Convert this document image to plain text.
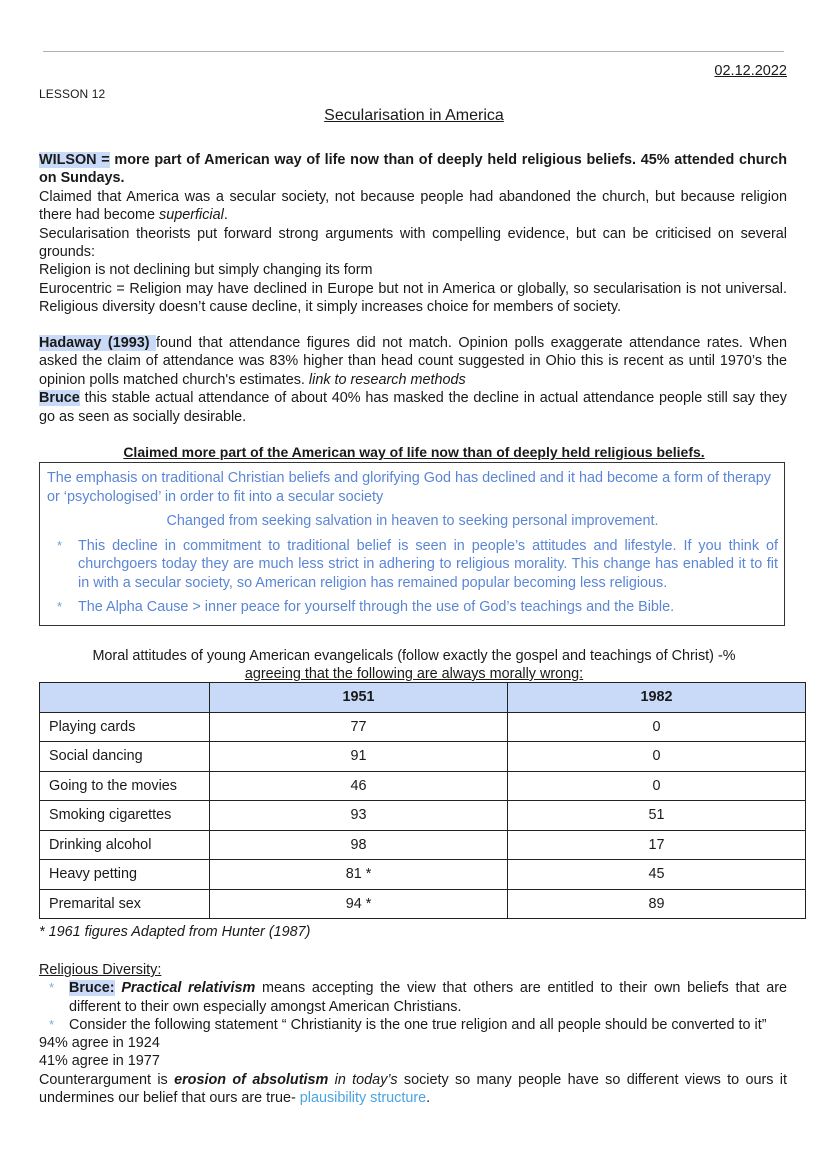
02.12.2022
LESSON 12
Secularisation in America
WILSON = more part of American way of life now than of deeply held religious beliefs. 45% attended church on Sundays.
Claimed that America was a secular society, not because people had abandoned the church, but because religion there had become superficial.
Secularisation theorists put forward strong arguments with compelling evidence, but can be criticised on several grounds:
Religion is not declining but simply changing its form
Eurocentric = Religion may have declined in Europe but not in America or globally, so secularisation is not universal. Religious diversity doesn’t cause decline, it simply increases choice for members of society.
Hadaway (1993) found that attendance figures did not match. Opinion polls exaggerate attendance rates. When asked the claim of attendance was 83% higher than head count suggested in Ohio this is recent as until 1970’s the opinion polls matched church's estimates. link to research methods
Bruce this stable actual attendance of about 40% has masked the decline in actual attendance people still say they go as seen as socially desirable.
Claimed more part of the American way of life now than of deeply held religious beliefs.

The emphasis on traditional Christian beliefs and glorifying God has declined and it had become a form of therapy or ‘psychologised’ in order to fit into a secular society

Changed from seeking salvation in heaven to seeking personal improvement.

* This decline in commitment to traditional belief is seen in people’s attitudes and lifestyle. If you think of churchgoers today they are much less strict in adhering to religious morality. This change has enabled it to fit in with a secular society, so American religion has remained popular becoming less religious.
* The Alpha Cause > inner peace for yourself through the use of God’s teachings and the Bible.
Moral attitudes of young American evangelicals (follow exactly the gospel and teachings of Christ) -%
agreeing that the following are always morally wrong:
	1951	1982
Playing cards	77	0
Social dancing	91	0
Going to the movies	46	0
Smoking cigarettes	93	51
Drinking alcohol	98	17
Heavy petting	81 *	45
Premarital sex	94 *	89
* 1961 figures Adapted from Hunter (1987)
Religious Diversity:
* Bruce: Practical relativism means accepting the view that others are entitled to their own beliefs that are different to their own especially amongst American Christians.
* Consider the following statement “ Christianity is the one true religion and all people should be converted to it”
94% agree in 1924
41% agree in 1977
Counterargument is erosion of absolutism in today’s society so many people have so different views to ours it undermines our belief that ours are true- plausibility structure.
